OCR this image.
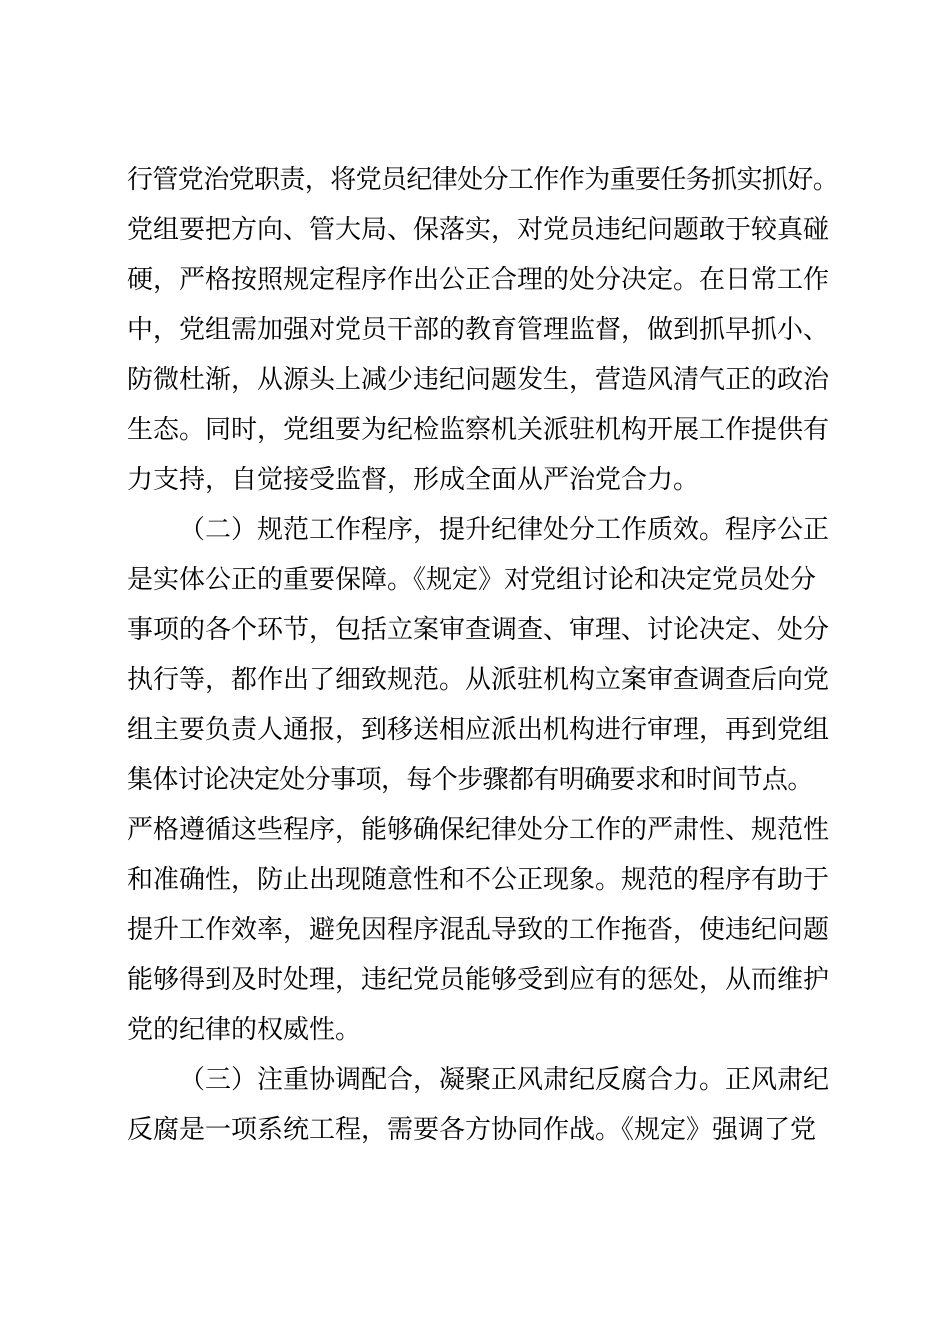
行管党治党职责，将党员纪律处分工作作为重要任务抓实抓好。
党组要把方向、管大局、保落实，对党员违纪问题敢于较真碰
硬，严格按照规定程序作出公正合理的处分决定。在日常工作
中，党组需加强对党员干部的教育管理监督，做到抓早抓小、
防微杜渐，从源头上减少违纪问题发生，营造风清气正的政治
生态。同时，党组要为纪检监察机关派驻机构开展工作提供有
力支持，自觉接受监督，形成全面从严治党合力。
（二）规范工作程序，提升纪律处分工作质效。程序公正
是实体公正的重要保障。《规定》对党组讨论和决定党员处分
事项的各个环节，包括立案审查调查、审理、讨论决定、处分
执行等，都作出了细致规范。从派驻机构立案审查调查后向党
组主要负责人通报，到移送相应派出机构进行审理，再到党组
集体讨论决定处分事项，每个步骤都有明确要求和时间节点。
严格遵循这些程序，能够确保纪律处分工作的严肃性、规范性
和准确性，防止出现随意性和不公正现象。规范的程序有助于
提升工作效率，避免因程序混乱导致的工作拖沓，使违纪问题
能够得到及时处理，违纪党员能够受到应有的惩处，从而维护
党的纪律的权威性。
（三）注重协调配合，凝聚正风肃纪反腐合力。正风肃纪
反腐是一项系统工程，需要各方协同作战。《规定》强调了党
